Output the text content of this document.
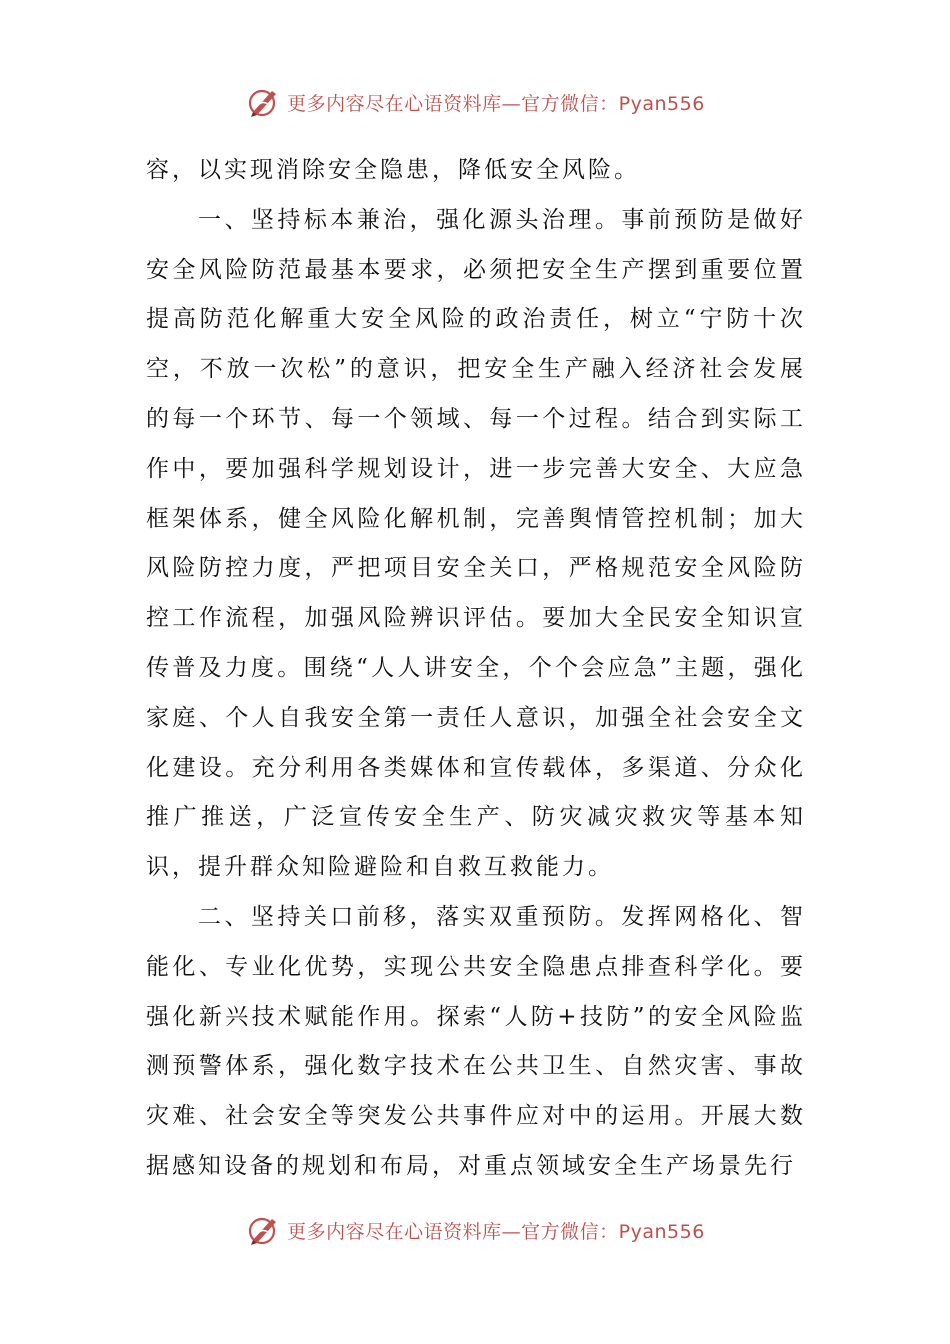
更多内容尽在心语资料库—官方微信：Pyan556

容，以实现消除安全隐患，降低安全风险。

一、坚持标本兼治，强化源头治理。事前预防是做好安全风险防范最基本要求，必须把安全生产摆到重要位置提高防范化解重大安全风险的政治责任，树立“宁防十次空，不放一次松”的意识，把安全生产融入经济社会发展的每一个环节、每一个领域、每一个过程。结合到实际工作中，要加强科学规划设计，进一步完善大安全、大应急框架体系，健全风险化解机制，完善舆情管控机制；加大风险防控力度，严把项目安全关口，严格规范安全风险防控工作流程，加强风险辨识评估。要加大全民安全知识宣传普及力度。围绕“人人讲安全，个个会应急”主题，强化家庭、个人自我安全第一责任人意识，加强全社会安全文化建设。充分利用各类媒体和宣传载体，多渠道、分众化推广推送，广泛宣传安全生产、防灾减灾救灾等基本知识，提升群众知险避险和自救互救能力。

二、坚持关口前移，落实双重预防。发挥网格化、智能化、专业化优势，实现公共安全隐患点排查科学化。要强化新兴技术赋能作用。探索“人防+技防”的安全风险监测预警体系，强化数字技术在公共卫生、自然灾害、事故灾难、社会安全等突发公共事件应对中的运用。开展大数据感知设备的规划和布局，对重点领域安全生产场景先行

更多内容尽在心语资料库—官方微信：Pyan556
